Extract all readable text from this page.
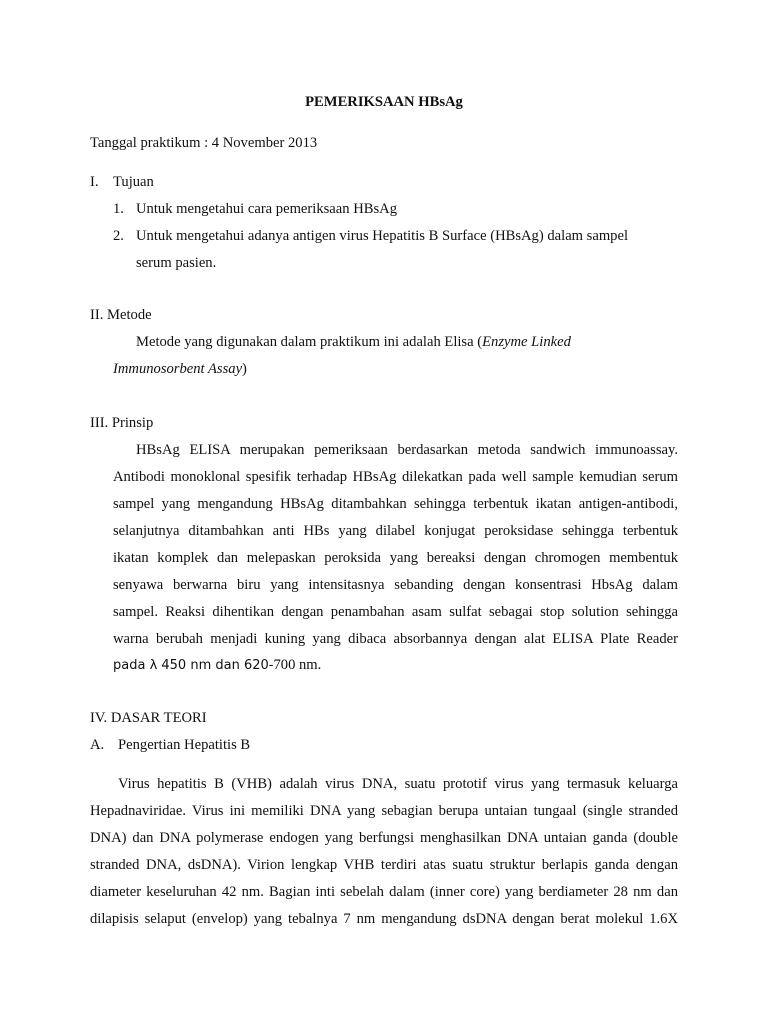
PEMERIKSAAN HBsAg
Tanggal praktikum : 4 November 2013
I. Tujuan
1. Untuk mengetahui cara pemeriksaan HBsAg
2. Untuk mengetahui adanya antigen virus Hepatitis B Surface (HBsAg) dalam sampel
serum pasien.
II. Metode
Metode yang digunakan dalam praktikum ini adalah Elisa (Enzyme Linked
Immunosorbent Assay)
III. Prinsip
HBsAg ELISA merupakan pemeriksaan berdasarkan metoda sandwich immunoassay.
Antibodi monoklonal spesifik terhadap HBsAg dilekatkan pada well sample kemudian serum
sampel yang mengandung HBsAg ditambahkan sehingga terbentuk ikatan antigen-antibodi,
selanjutnya ditambahkan anti HBs yang dilabel konjugat peroksidase sehingga terbentuk
ikatan komplek dan melepaskan peroksida yang bereaksi dengan chromogen membentuk
senyawa berwarna biru yang intensitasnya sebanding dengan konsentrasi HbsAg dalam
sampel. Reaksi dihentikan dengan penambahan asam sulfat sebagai stop solution sehingga
warna berubah menjadi kuning yang dibaca absorbannya dengan alat ELISA Plate Reader
pada λ 450 nm dan 620-700 nm.
IV. DASAR TEORI
A. Pengertian Hepatitis B
Virus hepatitis B (VHB) adalah virus DNA, suatu prototif virus yang termasuk keluarga
Hepadnaviridae. Virus ini memiliki DNA yang sebagian berupa untaian tungaal (single stranded
DNA) dan DNA polymerase endogen yang berfungsi menghasilkan DNA untaian ganda (double
stranded DNA, dsDNA). Virion lengkap VHB terdiri atas suatu struktur berlapis ganda dengan
diameter keseluruhan 42 nm. Bagian inti sebelah dalam (inner core) yang berdiameter 28 nm dan
dilapisis selaput (envelop) yang tebalnya 7 nm mengandung dsDNA dengan berat molekul 1.6X
